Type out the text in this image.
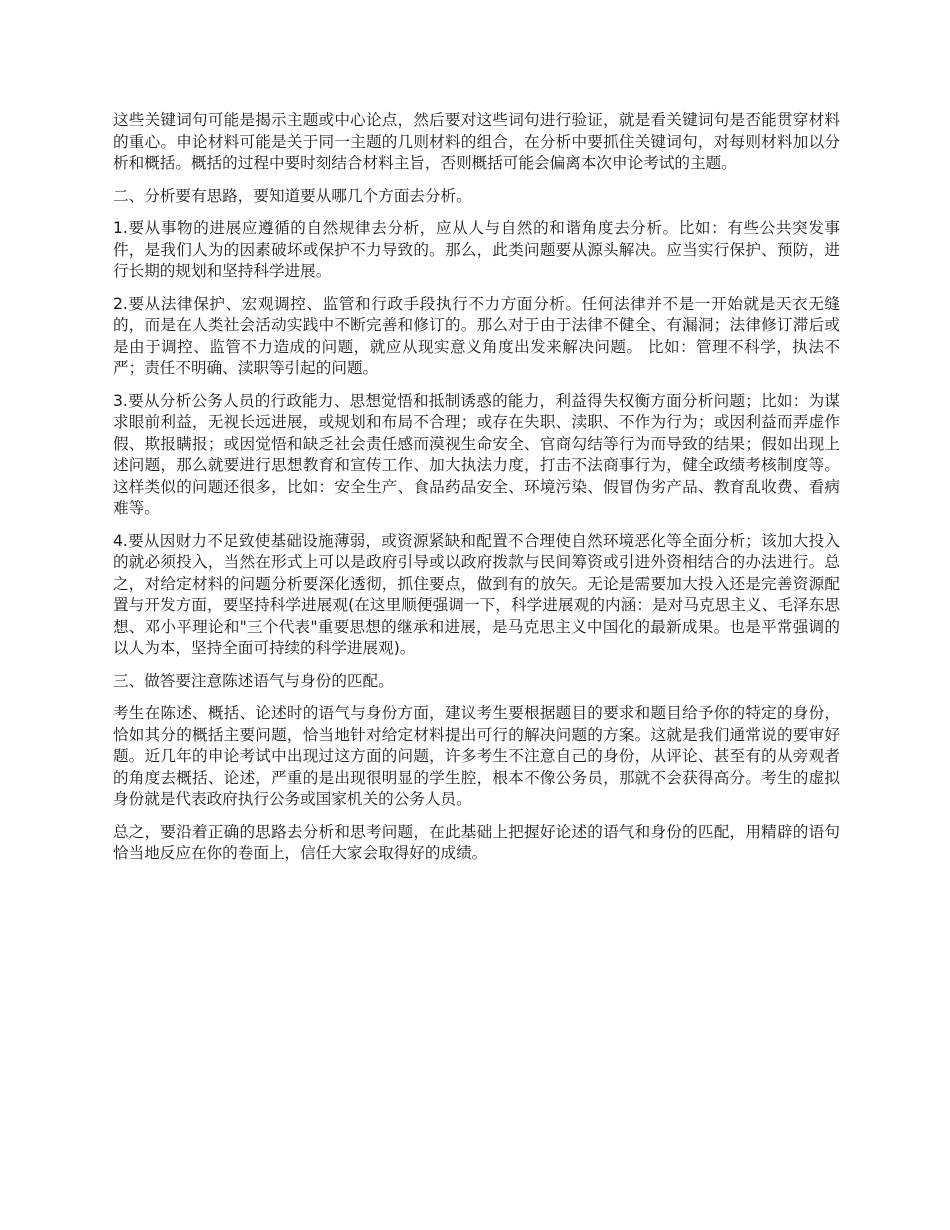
这些关键词句可能是揭示主题或中心论点，然后要对这些词句进行验证，就是看关键词句是否能贯穿材料的重心。申论材料可能是关于同一主题的几则材料的组合，在分析中要抓住关键词句，对每则材料加以分析和概括。概括的过程中要时刻结合材料主旨，否则概括可能会偏离本次申论考试的主题。

二、分析要有思路，要知道要从哪几个方面去分析。

1.要从事物的进展应遵循的自然规律去分析，应从人与自然的和谐角度去分析。比如：有些公共突发事件，是我们人为的因素破坏或保护不力导致的。那么，此类问题要从源头解决。应当实行保护、预防，进行长期的规划和坚持科学进展。

2.要从法律保护、宏观调控、监管和行政手段执行不力方面分析。任何法律并不是一开始就是天衣无缝的，而是在人类社会活动实践中不断完善和修订的。那么对于由于法律不健全、有漏洞；法律修订滞后或是由于调控、监管不力造成的问题，就应从现实意义角度出发来解决问题。 比如：管理不科学，执法不严；责任不明确、渎职等引起的问题。

3.要从分析公务人员的行政能力、思想觉悟和抵制诱惑的能力，利益得失权衡方面分析问题；比如：为谋求眼前利益，无视长远进展，或规划和布局不合理；或存在失职、渎职、不作为行为；或因利益而弄虚作假、欺报瞒报；或因觉悟和缺乏社会责任感而漠视生命安全、官商勾结等行为而导致的结果；假如出现上述问题，那么就要进行思想教育和宣传工作、加大执法力度，打击不法商事行为，健全政绩考核制度等。这样类似的问题还很多，比如：安全生产、食品药品安全、环境污染、假冒伪劣产品、教育乱收费、看病难等。

4.要从因财力不足致使基础设施薄弱，或资源紧缺和配置不合理使自然环境恶化等全面分析；该加大投入的就必须投入，当然在形式上可以是政府引导或以政府拨款与民间筹资或引进外资相结合的办法进行。总之，对给定材料的问题分析要深化透彻，抓住要点，做到有的放矢。无论是需要加大投入还是完善资源配置与开发方面，要坚持科学进展观(在这里顺便强调一下，科学进展观的内涵：是对马克思主义、毛泽东思想、邓小平理论和"三个代表"重要思想的继承和进展，是马克思主义中国化的最新成果。也是平常强调的以人为本，坚持全面可持续的科学进展观)。

三、做答要注意陈述语气与身份的匹配。

考生在陈述、概括、论述时的语气与身份方面，建议考生要根据题目的要求和题目给予你的特定的身份，恰如其分的概括主要问题，恰当地针对给定材料提出可行的解决问题的方案。这就是我们通常说的要审好题。近几年的申论考试中出现过这方面的问题，许多考生不注意自己的身份，从评论、甚至有的从旁观者的角度去概括、论述，严重的是出现很明显的学生腔，根本不像公务员，那就不会获得高分。考生的虚拟身份就是代表政府执行公务或国家机关的公务人员。

总之，要沿着正确的思路去分析和思考问题，在此基础上把握好论述的语气和身份的匹配，用精辟的语句恰当地反应在你的卷面上，信任大家会取得好的成绩。
